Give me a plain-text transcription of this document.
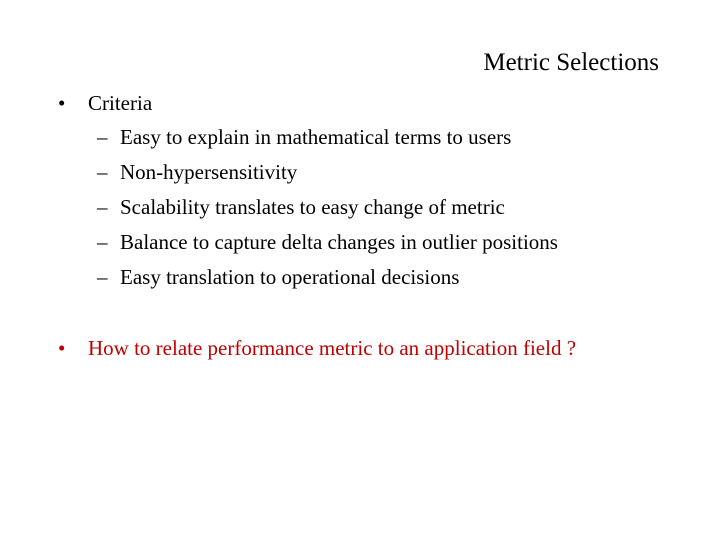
Metric Selections
• Criteria
– Easy to explain in mathematical terms to users
– Non-hypersensitivity
– Scalability translates to easy change of metric
– Balance to capture delta changes in outlier positions
– Easy translation to operational decisions
• How to relate performance metric to an application field ?
